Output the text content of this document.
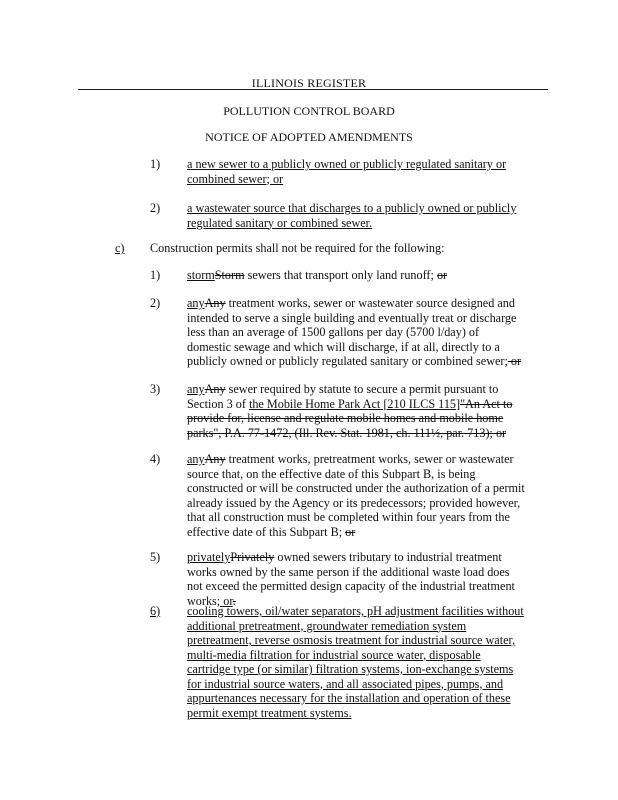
ILLINOIS REGISTER
POLLUTION CONTROL BOARD
NOTICE OF ADOPTED AMENDMENTS
1)	a new sewer to a publicly owned or publicly regulated sanitary or combined sewer; or
2)	a wastewater source that discharges to a publicly owned or publicly regulated sanitary or combined sewer.
c) Construction permits shall not be required for the following:
1)	stormStorm sewers that transport only land runoff; or
2)	anyAny treatment works, sewer or wastewater source designed and intended to serve a single building and eventually treat or discharge less than an average of 1500 gallons per day (5700 l/day) of domestic sewage and which will discharge, if at all, directly to a publicly owned or publicly regulated sanitary or combined sewer; or
3)	anyAny sewer required by statute to secure a permit pursuant to Section 3 of the Mobile Home Park Act [210 ILCS 115]"An Act to provide for, license and regulate mobile homes and mobile home parks", P.A. 77-1472, (Ill. Rev. Stat. 1981, ch. 111½, par. 713); or
4)	anyAny treatment works, pretreatment works, sewer or wastewater source that, on the effective date of this Subpart B, is being constructed or will be constructed under the authorization of a permit already issued by the Agency or its predecessors; provided however, that all construction must be completed within four years from the effective date of this Subpart B; or
5)	privatelyPrivately owned sewers tributary to industrial treatment works owned by the same person if the additional waste load does not exceed the permitted design capacity of the industrial treatment works; or.
6)	cooling towers, oil/water separators, pH adjustment facilities without additional pretreatment, groundwater remediation system pretreatment, reverse osmosis treatment for industrial source water, multi-media filtration for industrial source water, disposable cartridge type (or similar) filtration systems, ion-exchange systems for industrial source waters, and all associated pipes, pumps, and appurtenances necessary for the installation and operation of these permit exempt treatment systems.
